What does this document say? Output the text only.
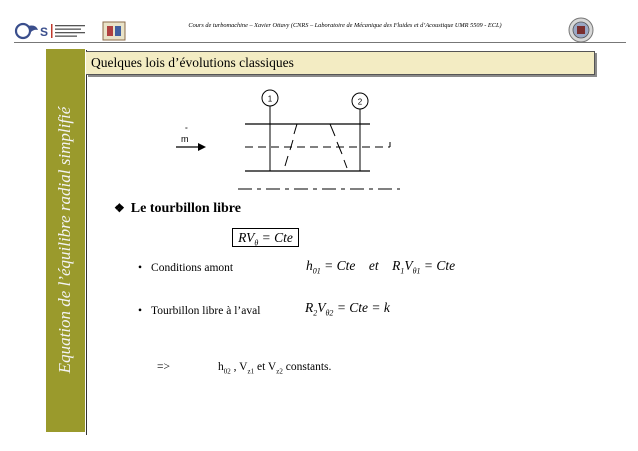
S	Cours de turbomachine – Xavier Ottavy (CNRS – Laboratoire de Mécanique des Fluides et d’Acoustique UMR 5509 - ECL)
Equation de l’équilibre radial simplifié
Quelques lois d’évolutions classiques
1	2
°
m
❖ Le tourbillon libre
$RV_\theta$ = Cte
• Conditions amont	$h_{01}$ = Cte    et    $R_1V_{\theta 1}$ = Cte
• Tourbillon libre à l’aval	$R_2V_{\theta 2}$ = Cte = k
=>	$h_{02}$ , $V_{z1}$ et $V_{z2}$ constants.
